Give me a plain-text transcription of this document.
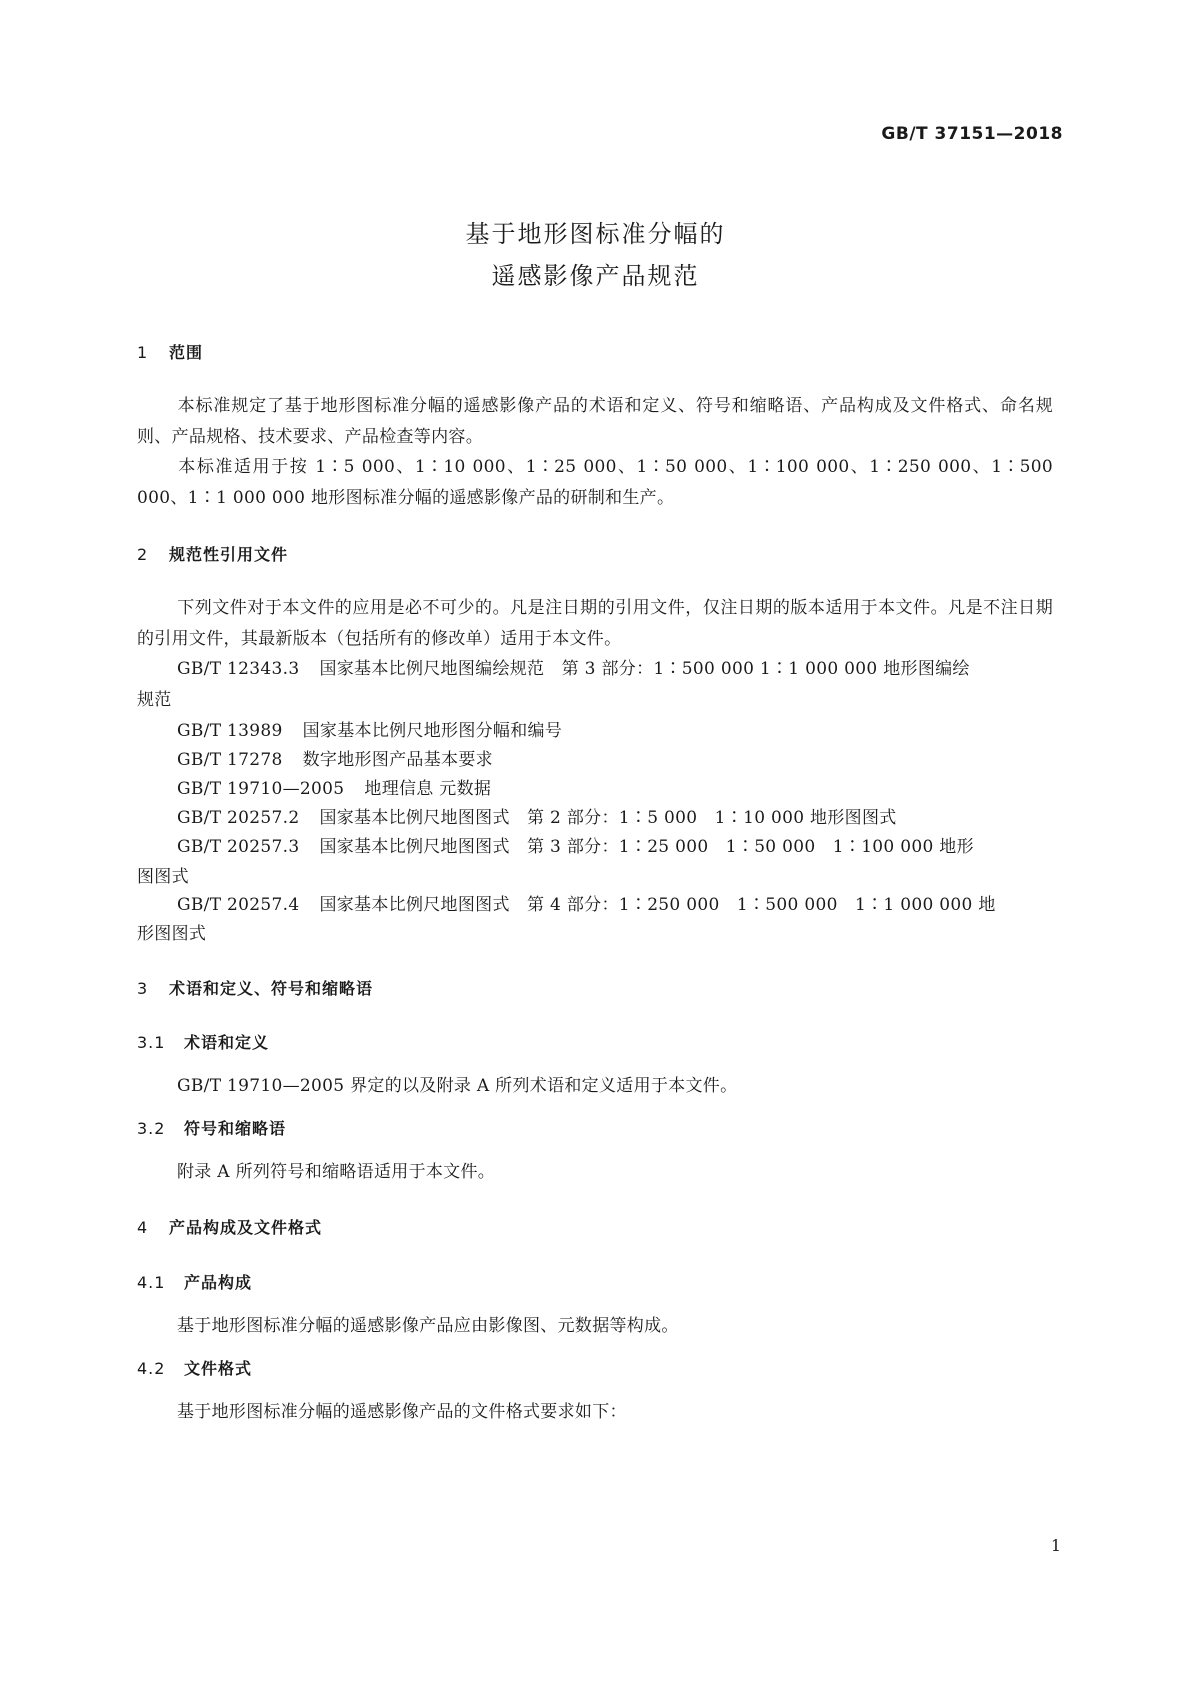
GB/T 37151—2018
基于地形图标准分幅的
遥感影像产品规范
1 范围
本标准规定了基于地形图标准分幅的遥感影像产品的术语和定义、符号和缩略语、产品构成及文件格式、命名规则、产品规格、技术要求、产品检查等内容。
本标准适用于按 1∶5 000、1∶10 000、1∶25 000、1∶50 000、1∶100 000、1∶250 000、1∶500 000、1∶1 000 000 地形图标准分幅的遥感影像产品的研制和生产。
2 规范性引用文件
下列文件对于本文件的应用是必不可少的。凡是注日期的引用文件，仅注日期的版本适用于本文件。凡是不注日期的引用文件，其最新版本（包括所有的修改单）适用于本文件。
GB/T 12343.3 国家基本比例尺地图编绘规范　第 3 部分：1∶500 000 1∶1 000 000 地形图编绘
规范
GB/T 13989 国家基本比例尺地形图分幅和编号
GB/T 17278 数字地形图产品基本要求
GB/T 19710—2005 地理信息 元数据
GB/T 20257.2 国家基本比例尺地图图式　第 2 部分：1∶5 000　1∶10 000 地形图图式
GB/T 20257.3 国家基本比例尺地图图式　第 3 部分：1∶25 000　1∶50 000　1∶100 000 地形
图图式
GB/T 20257.4 国家基本比例尺地图图式　第 4 部分：1∶250 000　1∶500 000　1∶1 000 000 地
形图图式
3 术语和定义、符号和缩略语
3.1 术语和定义
GB/T 19710—2005 界定的以及附录 A 所列术语和定义适用于本文件。
3.2 符号和缩略语
附录 A 所列符号和缩略语适用于本文件。
4 产品构成及文件格式
4.1 产品构成
基于地形图标准分幅的遥感影像产品应由影像图、元数据等构成。
4.2 文件格式
基于地形图标准分幅的遥感影像产品的文件格式要求如下：
1
